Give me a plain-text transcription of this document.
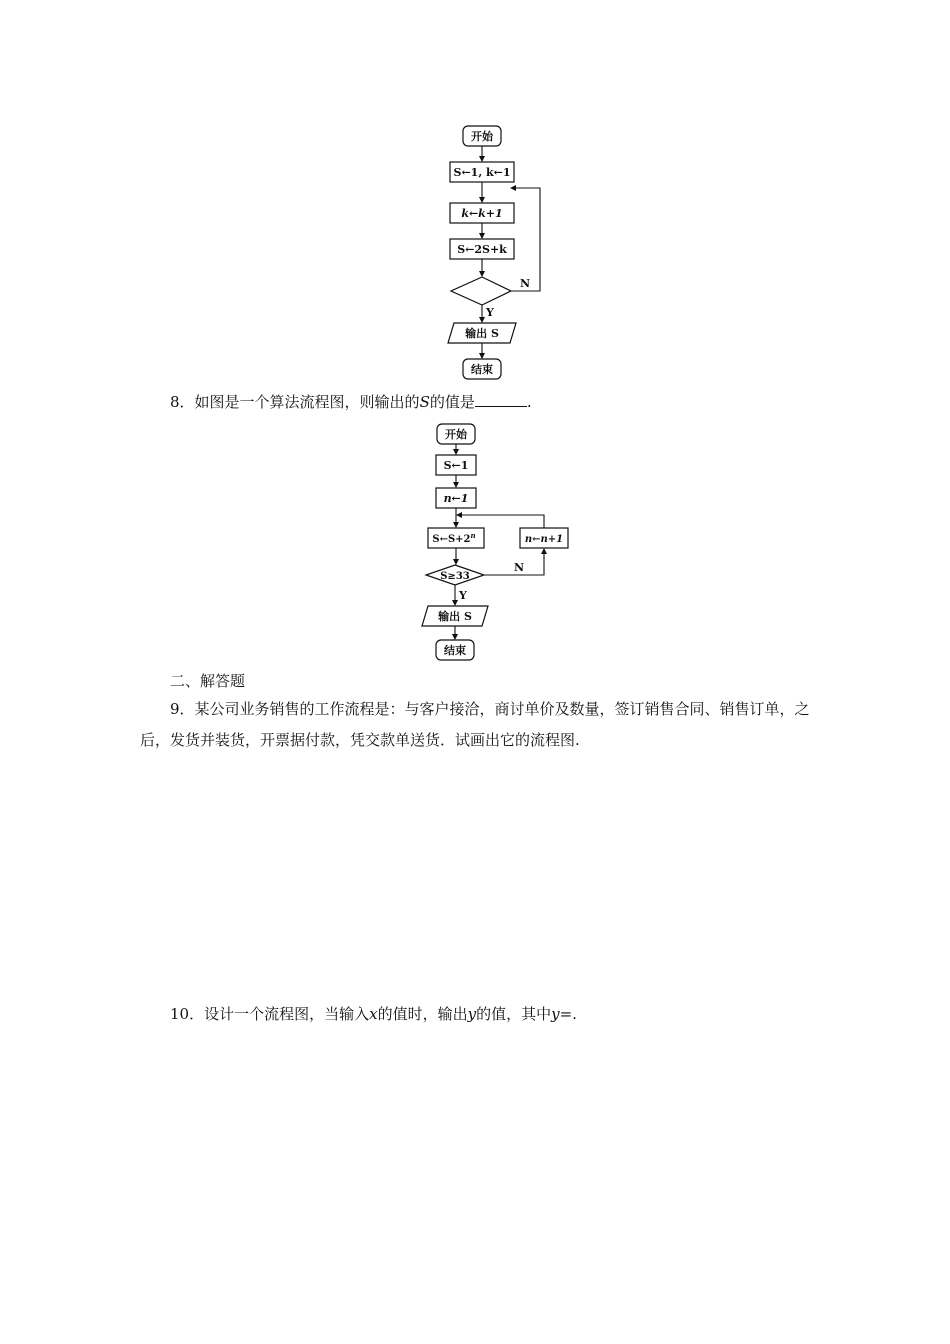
开始
S←1, k←1
k←k+1
S←2S+k
N
Y
输出 S
结束

8．如图是一个算法流程图，则输出的S的值是	.

开始
S←1
n←1
$S\leftarrow S+2^n$
S≥33
N
n←n+1
Y
输出 S
结束

二、解答题

9．某公司业务销售的工作流程是：与客户接洽，商讨单价及数量，签订销售合同、销售订单，之后，发货并装货，开票据付款，凭交款单送货．试画出它的流程图.

10．设计一个流程图，当输入x的值时，输出y的值，其中y=.
